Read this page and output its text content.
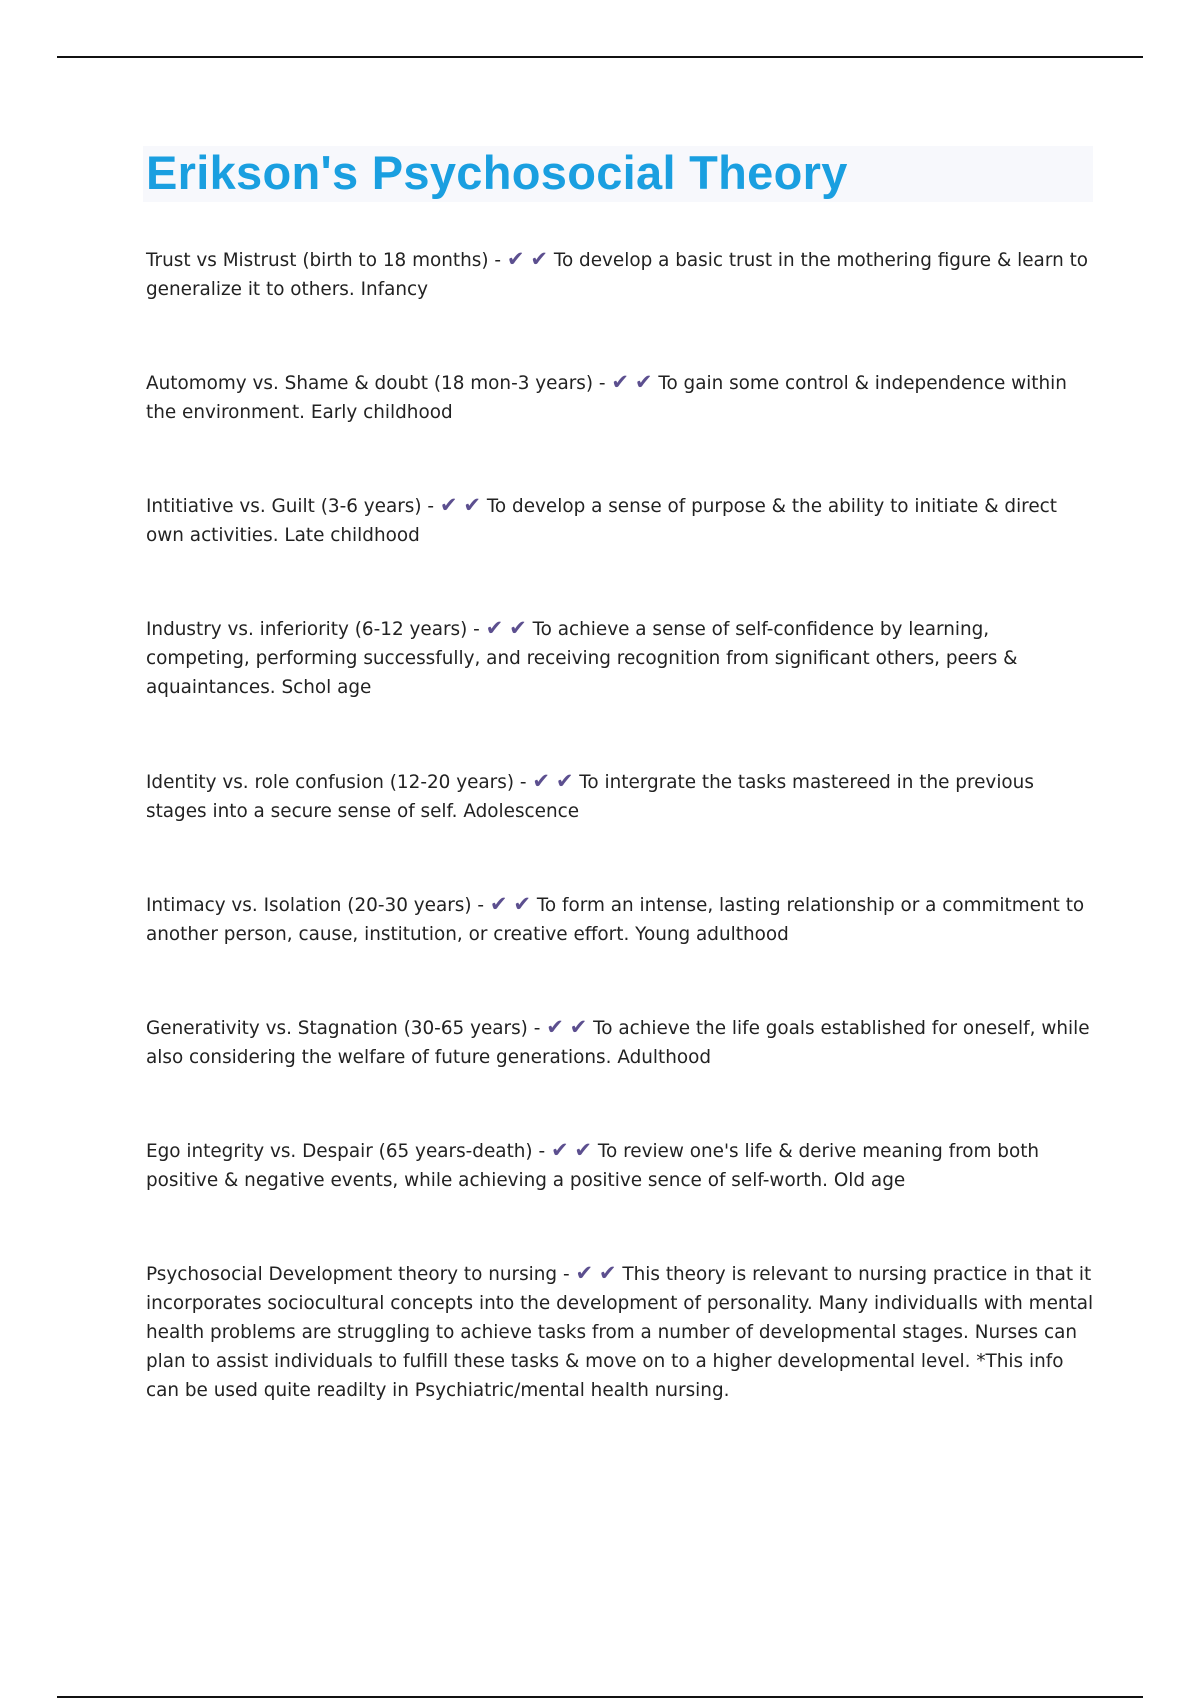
Erikson's Psychosocial Theory

Trust vs Mistrust (birth to 18 months) - ✔ ✔ To develop a basic trust in the mothering figure & learn to generalize it to others. Infancy

Automomy vs. Shame & doubt (18 mon-3 years) - ✔ ✔ To gain some control & independence within the environment. Early childhood

Intitiative vs. Guilt (3-6 years) - ✔ ✔ To develop a sense of purpose & the ability to initiate & direct own activities. Late childhood

Industry vs. inferiority (6-12 years) - ✔ ✔ To achieve a sense of self-confidence by learning, competing, performing successfully, and receiving recognition from significant others, peers & aquaintances. Schol age

Identity vs. role confusion (12-20 years) - ✔ ✔ To intergrate the tasks mastereed in the previous stages into a secure sense of self. Adolescence

Intimacy vs. Isolation (20-30 years) - ✔ ✔ To form an intense, lasting relationship or a commitment to another person, cause, institution, or creative effort. Young adulthood

Generativity vs. Stagnation (30-65 years) - ✔ ✔ To achieve the life goals established for oneself, while also considering the welfare of future generations. Adulthood

Ego integrity vs. Despair (65 years-death) - ✔ ✔ To review one's life & derive meaning from both positive & negative events, while achieving a positive sence of self-worth. Old age

Psychosocial Development theory to nursing - ✔ ✔ This theory is relevant to nursing practice in that it incorporates sociocultural concepts into the development of personality. Many individualls with mental health problems are struggling to achieve tasks from a number of developmental stages. Nurses can plan to assist individuals to fulfill these tasks & move on to a higher developmental level. *This info can be used quite readilty in Psychiatric/mental health nursing.
